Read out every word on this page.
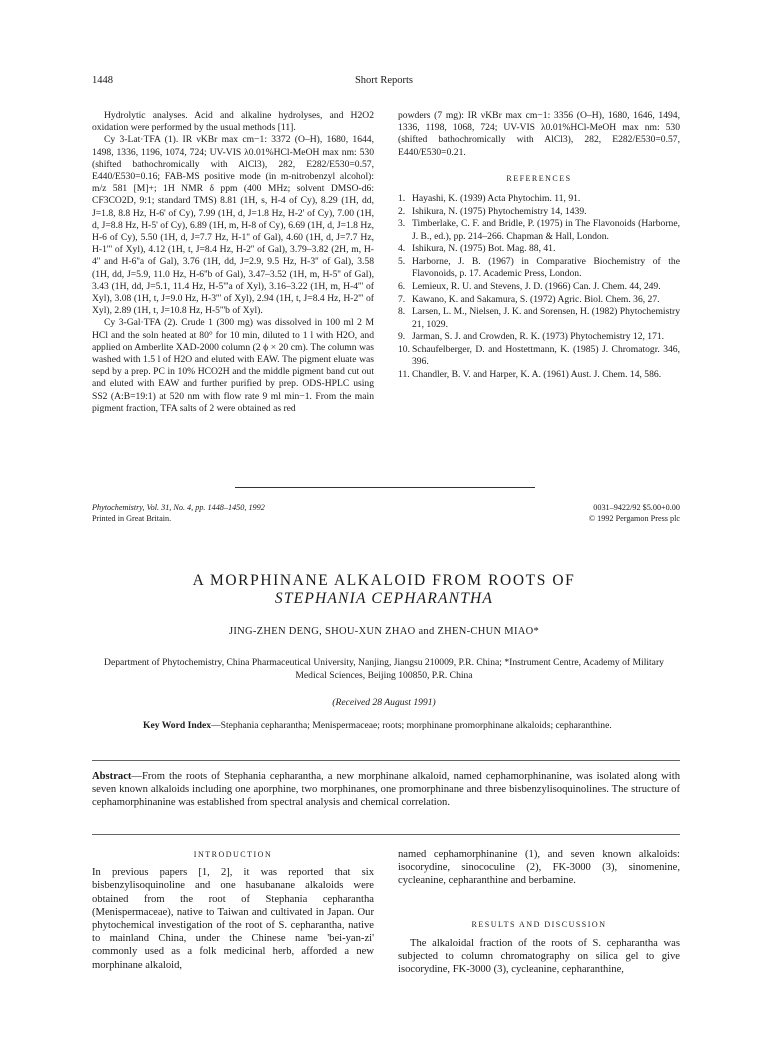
1448	Short Reports

Hydrolytic analyses. Acid and alkaline hydrolyses, and H2O2 oxidation were performed by the usual methods [11].

Cy 3-Lat·TFA (1). IR νKBr max cm−1: 3372 (O–H), 1680, 1644, 1498, 1336, 1196, 1074, 724; UV-VIS λ0.01%HCl-MeOH max nm: 530 (shifted bathochromically with AlCl3), 282, E282/E530=0.57, E440/E530=0.16; FAB-MS positive mode (in m-nitrobenzyl alcohol): m/z 581 [M]+; 1H NMR δ ppm (400 MHz; solvent DMSO-d6: CF3CO2D, 9:1; standard TMS) 8.81 (1H, s, H-4 of Cy), 8.29 (1H, dd, J=1.8, 8.8 Hz, H-6' of Cy), 7.99 (1H, d, J=1.8 Hz, H-2' of Cy), 7.00 (1H, d, J=8.8 Hz, H-5' of Cy), 6.89 (1H, m, H-8 of Cy), 6.69 (1H, d, J=1.8 Hz, H-6 of Cy), 5.50 (1H, d, J=7.7 Hz, H-1'' of Gal), 4.60 (1H, d, J=7.7 Hz, H-1''' of Xyl), 4.12 (1H, t, J=8.4 Hz, H-2'' of Gal), 3.79–3.82 (2H, m, H-4'' and H-6''a of Gal), 3.76 (1H, dd, J=2.9, 9.5 Hz, H-3'' of Gal), 3.58 (1H, dd, J=5.9, 11.0 Hz, H-6''b of Gal), 3.47–3.52 (1H, m, H-5'' of Gal), 3.43 (1H, dd, J=5.1, 11.4 Hz, H-5'''a of Xyl), 3.16–3.22 (1H, m, H-4''' of Xyl), 3.08 (1H, t, J=9.0 Hz, H-3''' of Xyl), 2.94 (1H, t, J=8.4 Hz, H-2''' of Xyl), 2.89 (1H, t, J=10.8 Hz, H-5'''b of Xyl).

Cy 3-Gal·TFA (2). Crude 1 (300 mg) was dissolved in 100 ml 2 M HCl and the soln heated at 80° for 10 min, diluted to 1 l with H2O, and applied on Amberlite XAD-2000 column (2 ϕ × 20 cm). The column was washed with 1.5 l of H2O and eluted with EAW. The pigment eluate was sepd by a prep. PC in 10% HCO2H and the middle pigment band cut out and eluted with EAW and further purified by prep. ODS-HPLC using SS2 (A:B=19:1) at 520 nm with flow rate 9 ml min−1. From the main pigment fraction, TFA salts of 2 were obtained as red

powders (7 mg): IR νKBr max cm−1: 3356 (O–H), 1680, 1646, 1494, 1336, 1198, 1068, 724; UV-VIS λ0.01%HCl-MeOH max nm: 530 (shifted bathochromically with AlCl3), 282, E282/E530=0.57, E440/E530=0.21.

REFERENCES
1. Hayashi, K. (1939) Acta Phytochim. 11, 91.
2. Ishikura, N. (1975) Phytochemistry 14, 1439.
3. Timberlake, C. F. and Bridle, P. (1975) in The Flavonoids (Harborne, J. B., ed.), pp. 214–266. Chapman & Hall, London.
4. Ishikura, N. (1975) Bot. Mag. 88, 41.
5. Harborne, J. B. (1967) in Comparative Biochemistry of the Flavonoids, p. 17. Academic Press, London.
6. Lemieux, R. U. and Stevens, J. D. (1966) Can. J. Chem. 44, 249.
7. Kawano, K. and Sakamura, S. (1972) Agric. Biol. Chem. 36, 27.
8. Larsen, L. M., Nielsen, J. K. and Sorensen, H. (1982) Phytochemistry 21, 1029.
9. Jarman, S. J. and Crowden, R. K. (1973) Phytochemistry 12, 171.
10. Schaufelberger, D. and Hostettmann, K. (1985) J. Chromatogr. 346, 396.
11. Chandler, B. V. and Harper, K. A. (1961) Aust. J. Chem. 14, 586.
Phytochemistry, Vol. 31, No. 4, pp. 1448–1450, 1992
Printed in Great Britain.
0031–9422/92 $5.00+0.00
© 1992 Pergamon Press plc
A MORPHINANE ALKALOID FROM ROOTS OF
STEPHANIA CEPHARANTHA
JING-ZHEN DENG, SHOU-XUN ZHAO and ZHEN-CHUN MIAO*
Department of Phytochemistry, China Pharmaceutical University, Nanjing, Jiangsu 210009, P.R. China; *Instrument Centre, Academy of Military Medical Sciences, Beijing 100850, P.R. China
(Received 28 August 1991)
Key Word Index—Stephania cepharantha; Menispermaceae; roots; morphinane promorphinane alkaloids; cepharanthine.
Abstract—From the roots of Stephania cepharantha, a new morphinane alkaloid, named cephamorphinanine, was isolated along with seven known alkaloids including one aporphine, two morphinanes, one promorphinane and three bisbenzylisoquinolines. The structure of cephamorphinanine was established from spectral analysis and chemical correlation.
INTRODUCTION

In previous papers [1, 2], it was reported that six bisbenzylisoquinoline and one hasubanane alkaloids were obtained from the root of Stephania cepharantha (Menispermaceae), native to Taiwan and cultivated in Japan. Our phytochemical investigation of the root of S. cepharantha, native to mainland China, under the Chinese name 'bei-yan-zi' commonly used as a folk medicinal herb, afforded a new morphinane alkaloid,

named cephamorphinanine (1), and seven known alkaloids: isocorydine, sinococuline (2), FK-3000 (3), sinomenine, cycleanine, cepharanthine and berbamine.

RESULTS AND DISCUSSION

The alkaloidal fraction of the roots of S. cepharantha was subjected to column chromatography on silica gel to give isocorydine, FK-3000 (3), cycleanine, cepharanthine,
